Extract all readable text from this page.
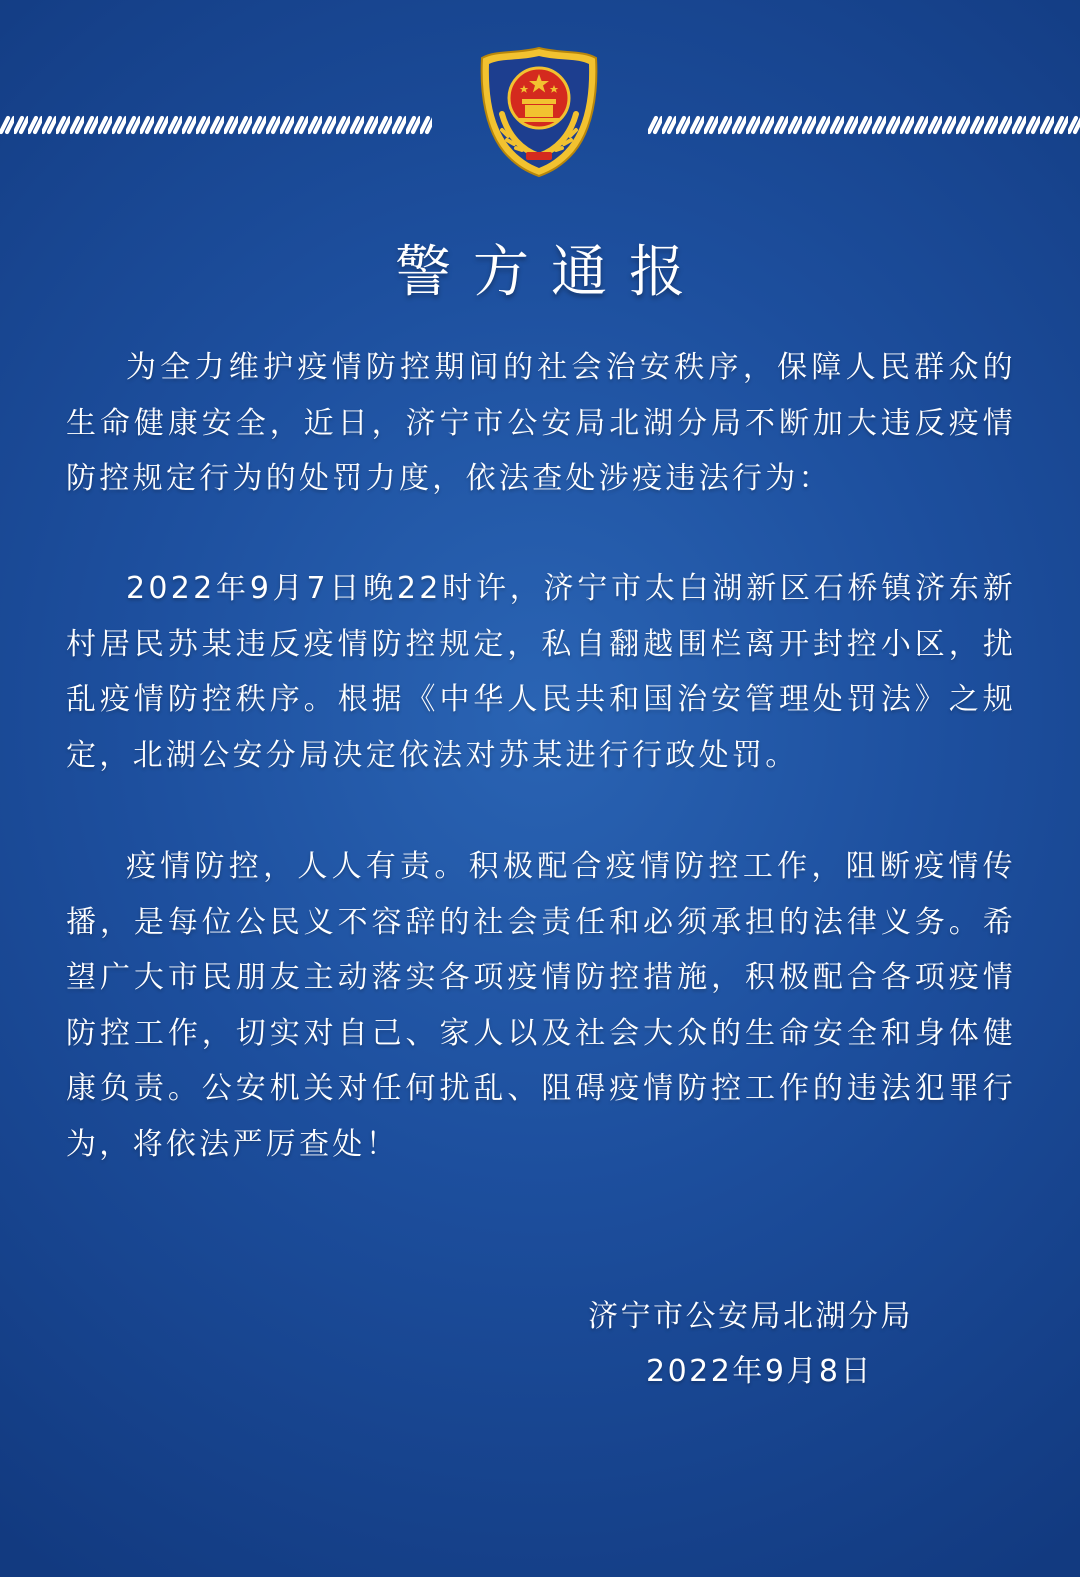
警方通报

为全力维护疫情防控期间的社会治安秩序，保障人民群众的生命健康安全，近日，济宁市公安局北湖分局不断加大违反疫情防控规定行为的处罚力度，依法查处涉疫违法行为：

2022年9月7日晚22时许，济宁市太白湖新区石桥镇济东新村居民苏某违反疫情防控规定，私自翻越围栏离开封控小区，扰乱疫情防控秩序。根据《中华人民共和国治安管理处罚法》之规定，北湖公安分局决定依法对苏某进行行政处罚。

疫情防控，人人有责。积极配合疫情防控工作，阻断疫情传播，是每位公民义不容辞的社会责任和必须承担的法律义务。希望广大市民朋友主动落实各项疫情防控措施，积极配合各项疫情防控工作，切实对自己、家人以及社会大众的生命安全和身体健康负责。公安机关对任何扰乱、阻碍疫情防控工作的违法犯罪行为，将依法严厉查处！

济宁市公安局北湖分局
2022年9月8日
